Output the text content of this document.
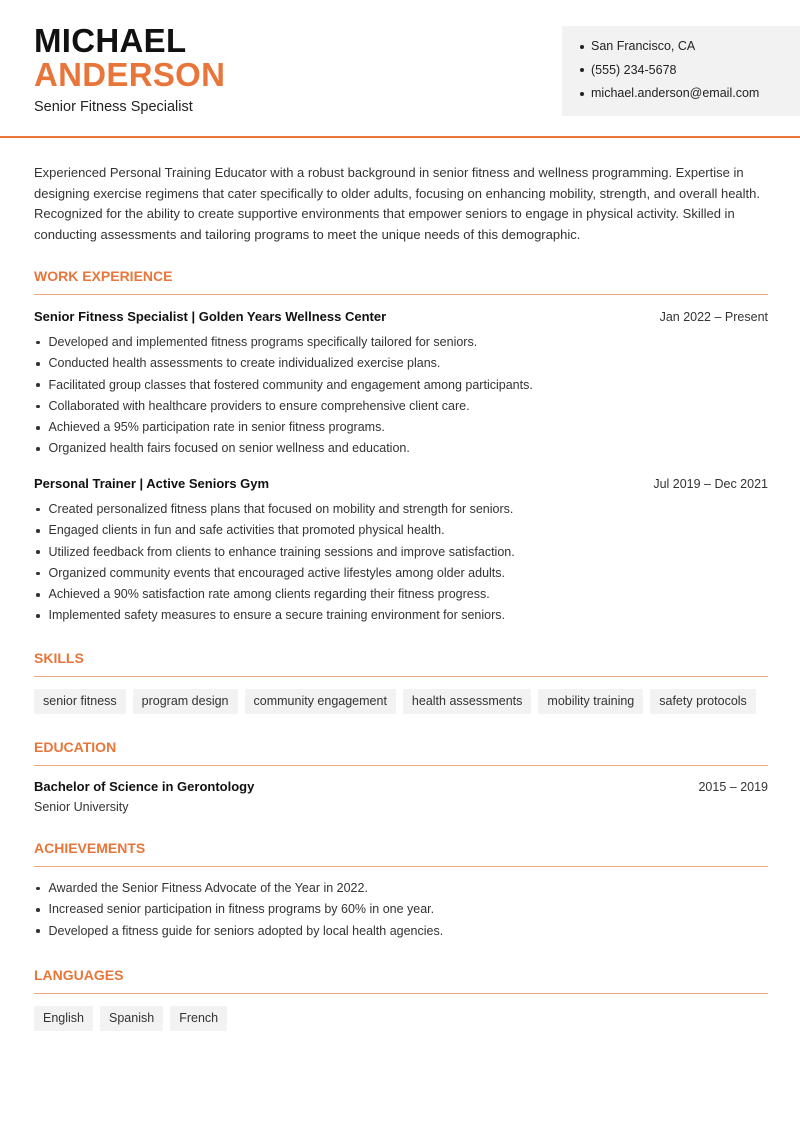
MICHAEL
ANDERSON
Senior Fitness Specialist
San Francisco, CA
(555) 234-5678
michael.anderson@email.com

Experienced Personal Training Educator with a robust background in senior fitness and wellness programming. Expertise in designing exercise regimens that cater specifically to older adults, focusing on enhancing mobility, strength, and overall health. Recognized for the ability to create supportive environments that empower seniors to engage in physical activity. Skilled in conducting assessments and tailoring programs to meet the unique needs of this demographic.

WORK EXPERIENCE
Senior Fitness Specialist | Golden Years Wellness Center	Jan 2022 – Present
Developed and implemented fitness programs specifically tailored for seniors.
Conducted health assessments to create individualized exercise plans.
Facilitated group classes that fostered community and engagement among participants.
Collaborated with healthcare providers to ensure comprehensive client care.
Achieved a 95% participation rate in senior fitness programs.
Organized health fairs focused on senior wellness and education.
Personal Trainer | Active Seniors Gym	Jul 2019 – Dec 2021
Created personalized fitness plans that focused on mobility and strength for seniors.
Engaged clients in fun and safe activities that promoted physical health.
Utilized feedback from clients to enhance training sessions and improve satisfaction.
Organized community events that encouraged active lifestyles among older adults.
Achieved a 90% satisfaction rate among clients regarding their fitness progress.
Implemented safety measures to ensure a secure training environment for seniors.
SKILLS
senior fitness	program design	community engagement	health assessments	mobility training	safety protocols
EDUCATION
Bachelor of Science in Gerontology	2015 – 2019
Senior University
ACHIEVEMENTS
Awarded the Senior Fitness Advocate of the Year in 2022.
Increased senior participation in fitness programs by 60% in one year.
Developed a fitness guide for seniors adopted by local health agencies.
LANGUAGES
English	Spanish	French
